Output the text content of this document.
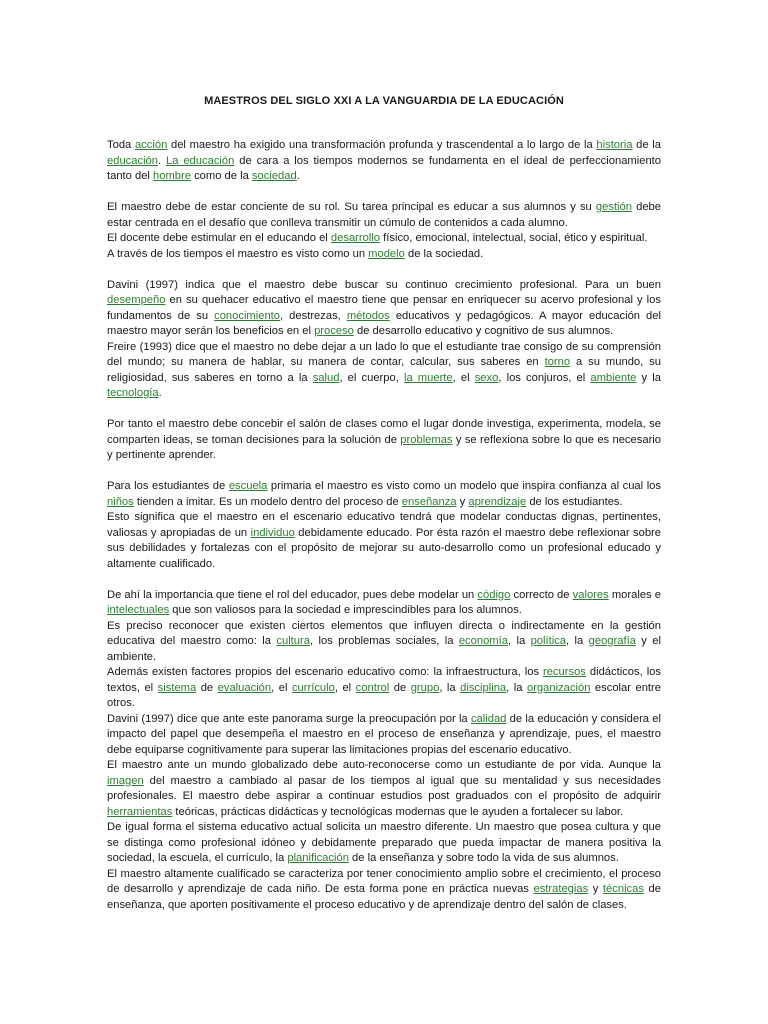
MAESTROS DEL SIGLO XXI A LA VANGUARDIA DE LA EDUCACIÓN

Toda acción del maestro ha exigido una transformación profunda y trascendental a lo largo de la historia de la educación. La educación de cara a los tiempos modernos se fundamenta en el ideal de perfeccionamiento tanto del hombre como de la sociedad.

El maestro debe de estar conciente de su rol. Su tarea principal es educar a sus alumnos y su gestión debe estar centrada en el desafío que conlleva transmitir un cúmulo de contenidos a cada alumno.

El docente debe estimular en el educando el desarrollo físico, emocional, intelectual, social, ético y espiritual.

A través de los tiempos el maestro es visto como un modelo de la sociedad.

Davini (1997) indica que el maestro debe buscar su continuo crecimiento profesional. Para un buen desempeño en su quehacer educativo el maestro tiene que pensar en enriquecer su acervo profesional y los fundamentos de su conocimiento, destrezas, métodos educativos y pedagógicos. A mayor educación del maestro mayor serán los beneficios en el proceso de desarrollo educativo y cognitivo de sus alumnos.

Freire (1993) dice que el maestro no debe dejar a un lado lo que el estudiante trae consigo de su comprensión del mundo; su manera de hablar, su manera de contar, calcular, sus saberes en torno a su mundo, su religiosidad, sus saberes en torno a la salud, el cuerpo, la muerte, el sexo, los conjuros, el ambiente y la tecnología.

Por tanto el maestro debe concebir el salón de clases como el lugar donde investiga, experimenta, modela, se comparten ideas, se toman decisiones para la solución de problemas y se reflexiona sobre lo que es necesario y pertinente aprender.

Para los estudiantes de escuela primaria el maestro es visto como un modelo que inspira confianza al cual los niños tienden a imitar. Es un modelo dentro del proceso de enseñanza y aprendizaje de los estudiantes.

Esto significa que el maestro en el escenario educativo tendrá que modelar conductas dignas, pertinentes, valiosas y apropiadas de un individuo debidamente educado. Por ésta razón el maestro debe reflexionar sobre sus debilidades y fortalezas con el propósito de mejorar su auto-desarrollo como un profesional educado y altamente cualificado.

De ahí la importancia que tiene el rol del educador, pues debe modelar un código correcto de valores morales e intelectuales que son valiosos para la sociedad e imprescindibles para los alumnos.

Es preciso reconocer que existen ciertos elementos que influyen directa o indirectamente en la gestión educativa del maestro como: la cultura, los problemas sociales, la economía, la política, la geografía y el ambiente.

Además existen factores propios del escenario educativo como: la infraestructura, los recursos didácticos, los textos, el sistema de evaluación, el currículo, el control de grupo, la disciplina, la organización escolar entre otros.

Davini (1997) dice que ante este panorama surge la preocupación por la calidad de la educación y considera el impacto del papel que desempeña el maestro en el proceso de enseñanza y aprendizaje, pues, el maestro debe equiparse cognitivamente para superar las limitaciones propias del escenario educativo.

El maestro ante un mundo globalizado debe auto-reconocerse como un estudiante de por vida. Aunque la imagen del maestro a cambiado al pasar de los tiempos al igual que su mentalidad y sus necesidades profesionales. El maestro debe aspirar a continuar estudios post graduados con el propósito de adquirir herramientas teóricas, prácticas didácticas y tecnológicas modernas que le ayuden a fortalecer su labor.

De igual forma el sistema educativo actual solicita un maestro diferente. Un maestro que posea cultura y que se distinga como profesional idóneo y debidamente preparado que pueda impactar de manera positiva la sociedad, la escuela, el currículo, la planificación de la enseñanza y sobre todo la vida de sus alumnos.

El maestro altamente cualificado se caracteriza por tener conocimiento amplio sobre el crecimiento, el proceso de desarrollo y aprendizaje de cada niño. De esta forma pone en práctica nuevas estrategias y técnicas de enseñanza, que aporten positivamente el proceso educativo y de aprendizaje dentro del salón de clases.
